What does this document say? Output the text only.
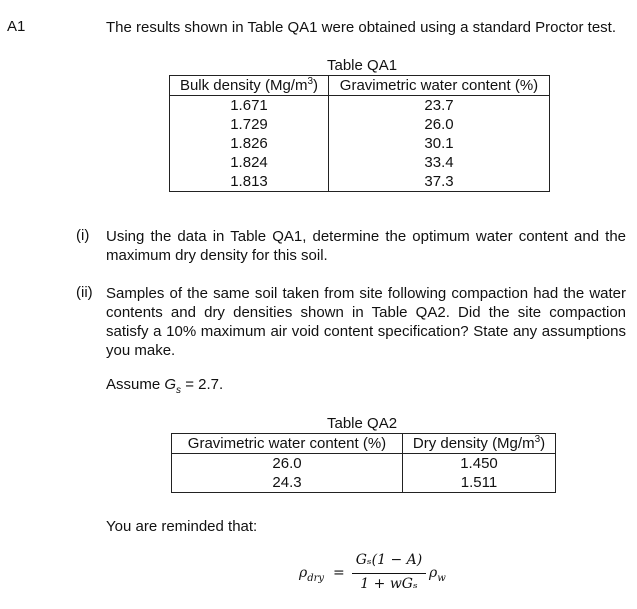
A1	The results shown in Table QA1 were obtained using a standard Proctor test.
Table QA1
Bulk density $(Mg/m^3)$	Gravimetric water content (%)
1.671	23.7
1.729	26.0
1.826	30.1
1.824	33.4
1.813	37.3
(i) Using the data in Table QA1, determine the optimum water content and the maximum dry density for this soil.
(ii) Samples of the same soil taken from site following compaction had the water contents and dry densities shown in Table QA2. Did the site compaction satisfy a 10% maximum air void content specification? State any assumptions you make.
Assume $G_s = 2.7$.
Table QA2
Gravimetric water content (%)	Dry density $(Mg/m^3)$
26.0	1.450
24.3	1.511
You are reminded that:
$\rho_{dry}$ =
Gₛ(1 − A)
1 + wGₛ
$\rho_w$
